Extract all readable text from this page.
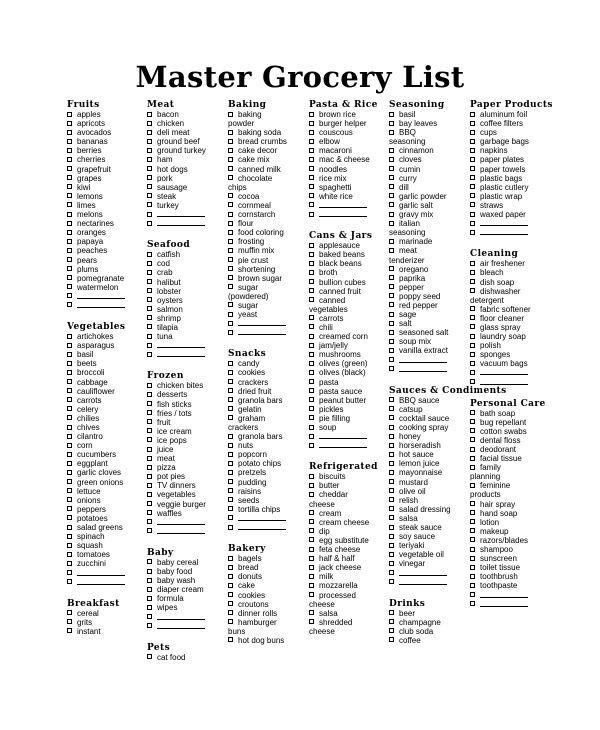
Master Grocery List
Fruits
apples
apricots
avocados
bananas
berries
cherries
grapefruit
grapes
kiwi
lemons
limes
melons
nectarines
oranges
papaya
peaches
pears
plums
pomegranate
watermelon
Vegetables
artichokes
asparagus
basil
beets
broccoli
cabbage
cauliflower
carrots
celery
chilies
chives
cilantro
corn
cucumbers
eggplant
garlic cloves
green onions
lettuce
onions
peppers
potatoes
salad greens
spinach
squash
tomatoes
zucchini
Breakfast
cereal
grits
instant
Meat
bacon
chicken
deli meat
ground beef
ground turkey
ham
hot dogs
pork
sausage
steak
turkey
Seafood
catfish
cod
crab
halibut
lobster
oysters
salmon
shrimp
tilapia
tuna
Frozen
chicken bites
desserts
fish sticks
fries / tots
fruit
ice cream
ice pops
juice
meat
pizza
pot pies
TV dinners
vegetables
veggie burger
waffles
Baby
baby cereal
baby food
baby wash
diaper cream
formula
wipes
Pets
cat food
Baking
baking
powder
baking soda
bread crumbs
cake decor
cake mix
canned milk
chocolate
chips
cocoa
cornmeal
cornstarch
flour
food coloring
frosting
muffin mix
pie crust
shortening
brown sugar
sugar
(powdered)
sugar
yeast
Snacks
candy
cookies
crackers
dried fruit
granola bars
gelatin
graham
crackers
granola bars
nuts
popcorn
potato chips
pretzels
pudding
raisins
seeds
tortilla chips
Bakery
bagels
bread
donuts
cake
cookies
croutons
dinner rolls
hamburger
buns
hot dog buns
Pasta & Rice
brown rice
burger helper
couscous
elbow
macaroni
mac & cheese
noodles
rice mix
spaghetti
white rice
Cans & Jars
applesauce
baked beans
black beans
broth
bullion cubes
canned fruit
canned
vegetables
carrots
chili
creamed corn
jam/jelly
mushrooms
olives (green)
olives (black)
pasta
pasta sauce
peanut butter
pickles
pie filling
soup
Refrigerated
biscuits
butter
cheddar
cheese
cream
cream cheese
dip
egg substitute
feta cheese
half & half
jack cheese
milk
mozzarella
processed
cheese
salsa
shredded
cheese
Seasoning
basil
bay leaves
BBQ
seasoning
cinnamon
cloves
cumin
curry
dill
garlic powder
garlic salt
gravy mix
italian
seasoning
marinade
meat
tenderizer
oregano
paprika
pepper
poppy seed
red pepper
sage
salt
seasoned salt
soup mix
vanilla extract
Sauces & Condiments
BBQ sauce
catsup
cocktail sauce
cooking spray
honey
horseradish
hot sauce
lemon juice
mayonnaise
mustard
olive oil
relish
salad dressing
salsa
steak sauce
soy sauce
teriyaki
vegetable oil
vinegar
Drinks
beer
champagne
club soda
coffee
Paper Products
aluminum foil
coffee filters
cups
garbage bags
napkins
paper plates
paper towels
plastic bags
plastic cutlery
plastic wrap
straws
waxed paper
Cleaning
air freshener
bleach
dish soap
dishwasher
detergent
fabric softener
floor cleaner
glass spray
laundry soap
polish
sponges
vacuum bags
Personal Care
bath soap
bug repellant
cotton swabs
dental floss
deodorant
facial tissue
family
planning
feminine
products
hair spray
hand soap
lotion
makeup
razors/blades
shampoo
sunscreen
toilet tissue
toothbrush
toothpaste
